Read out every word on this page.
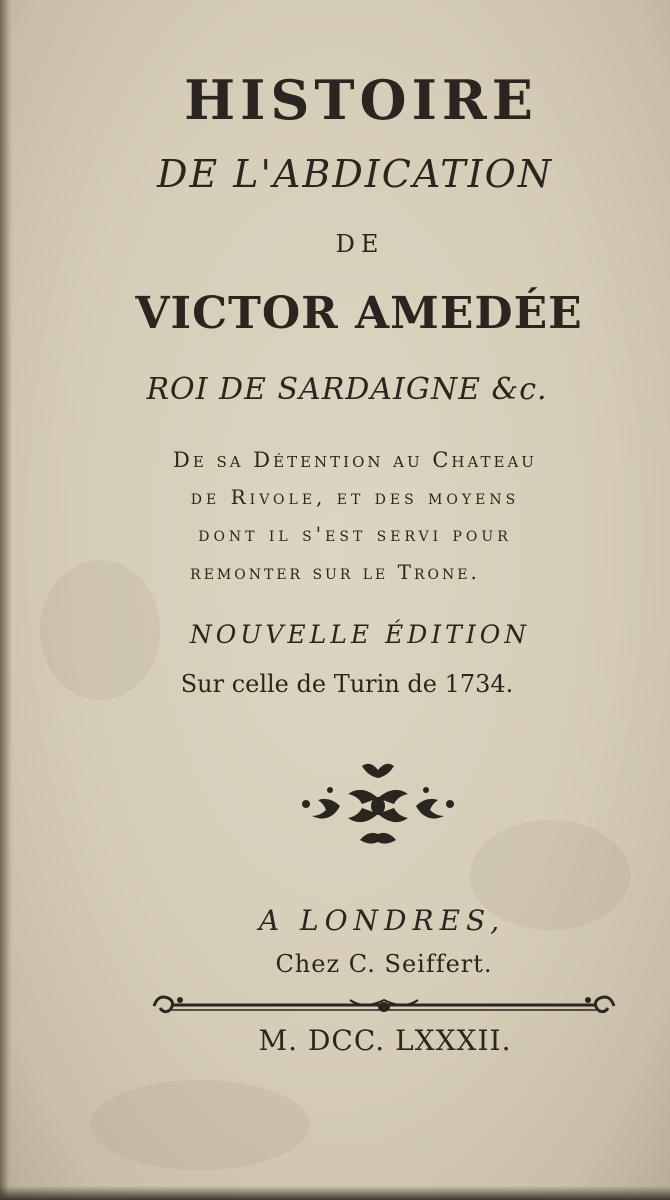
HISTOIRE
DE L'ABDICATION
DE
VICTOR AMEDÉE
ROI DE SARDAIGNE &c.
De sa Détention au Chateau
de Rivole, et des moyens
dont il s'est servi pour
remonter sur le Trone.
NOUVELLE ÉDITION
Sur celle de Turin de 1734.
A LONDRES,
Chez C. Seiffert.
M. DCC. LXXXII.
